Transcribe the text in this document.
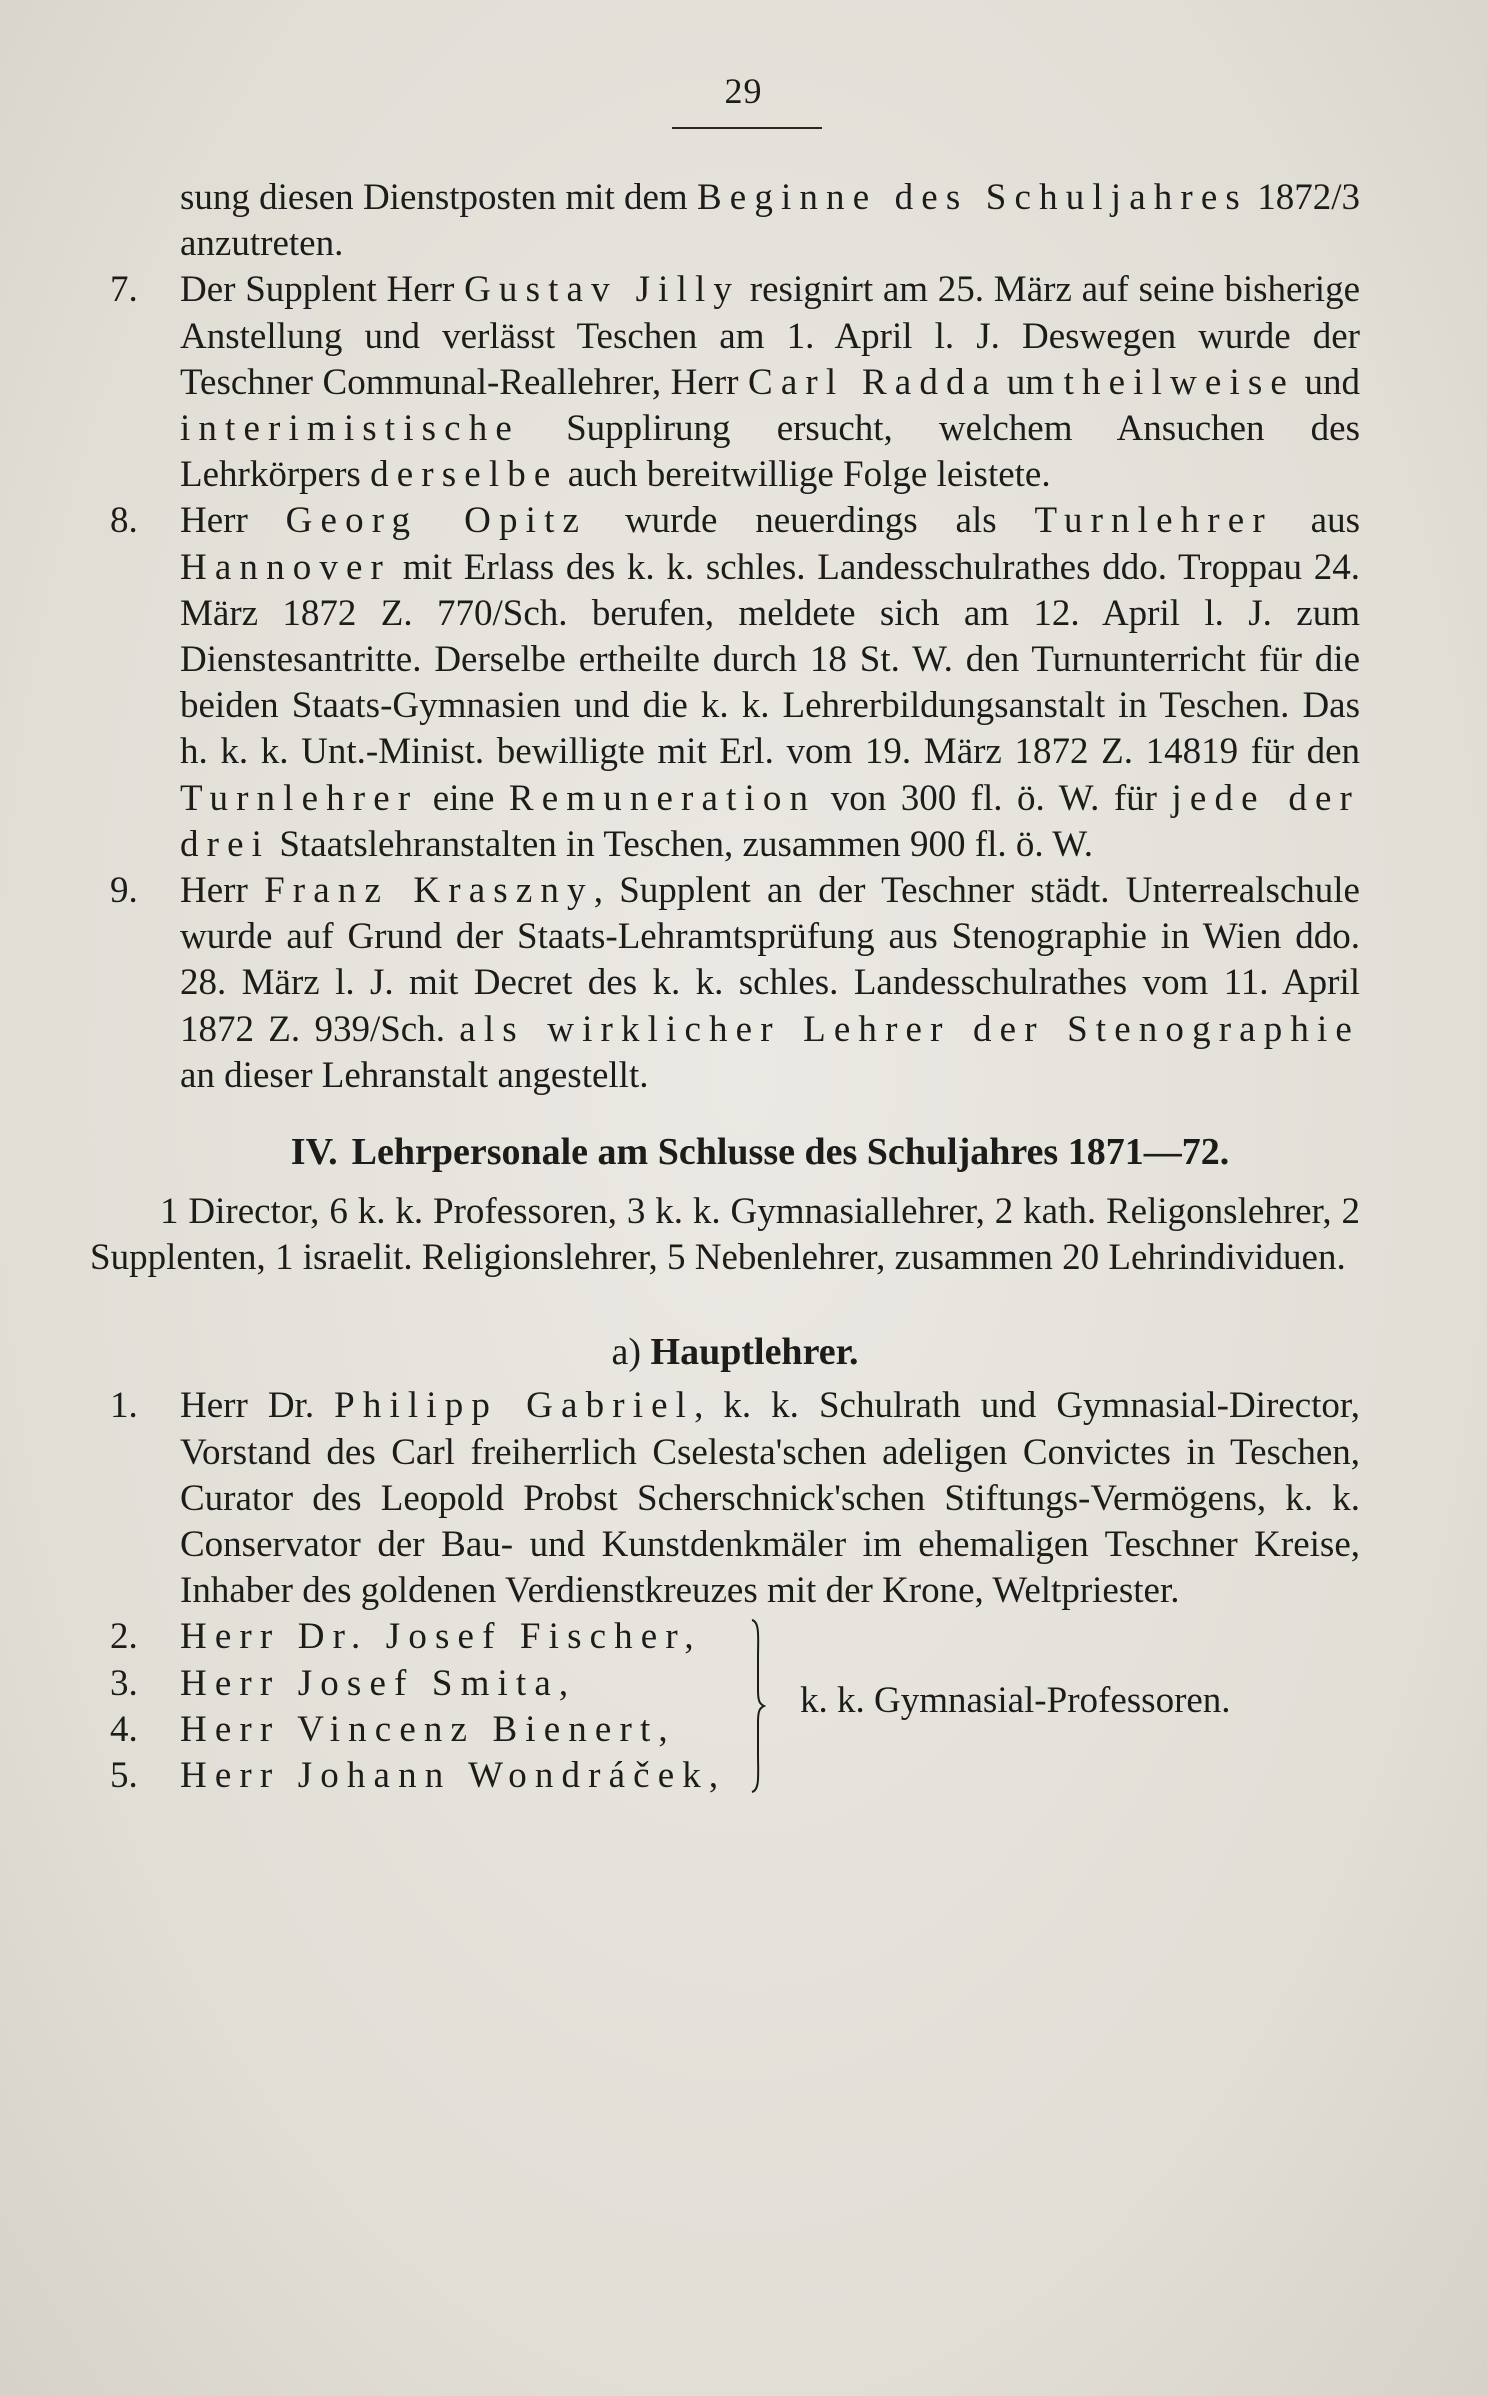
29
sung diesen Dienstposten mit dem Beginne des Schuljahres 1872/3 anzutreten.
7. Der Supplent Herr Gustav Jilly resignirt am 25. März auf seine bisherige Anstellung und verlässt Teschen am 1. April l. J. Deswegen wurde der Teschner Communal-Reallehrer, Herr Carl Radda um theilweise und interimistische Supplirung ersucht, welchem Ansuchen des Lehrkörpers derselbe auch bereitwillige Folge leistete.
8. Herr Georg Opitz wurde neuerdings als Turnlehrer aus Hannover mit Erlass des k. k. schles. Landesschulrathes ddo. Troppau 24. März 1872 Z. 770/Sch. berufen, meldete sich am 12. April l. J. zum Dienstesantritte. Derselbe ertheilte durch 18 St. W. den Turnunterricht für die beiden Staats-Gymnasien und die k. k. Lehrerbildungsanstalt in Teschen. Das h. k. k. Unt.-Minist. bewilligte mit Erl. vom 19. März 1872 Z. 14819 für den Turnlehrer eine Remuneration von 300 fl. ö. W. für jede der drei Staatslehranstalten in Teschen, zusammen 900 fl. ö. W.
9. Herr Franz Kraszny, Supplent an der Teschner städt. Unterrealschule wurde auf Grund der Staats-Lehramtsprüfung aus Stenographie in Wien ddo. 28. März l. J. mit Decret des k. k. schles. Landesschulrathes vom 11. April 1872 Z. 939/Sch. als wirklicher Lehrer der Stenographie an dieser Lehranstalt angestellt.
IV. Lehrpersonale am Schlusse des Schuljahres 1871—72.
1 Director, 6 k. k. Professoren, 3 k. k. Gymnasiallehrer, 2 kath. Religonslehrer, 2 Supplenten, 1 israelit. Religionslehrer, 5 Nebenlehrer, zusammen 20 Lehrindividuen.
a) Hauptlehrer.
1. Herr Dr. Philipp Gabriel, k. k. Schulrath und Gymnasial-Director, Vorstand des Carl freiherrlich Cselesta'schen adeligen Convictes in Teschen, Curator des Leopold Probst Scherschnick'schen Stiftungs-Vermögens, k. k. Conservator der Bau- und Kunstdenkmäler im ehemaligen Teschner Kreise, Inhaber des goldenen Verdienstkreuzes mit der Krone, Weltpriester.
2. Herr Dr. Josef Fischer,
3. Herr Josef Smita,
4. Herr Vincenz Bienert,
5. Herr Johann Wondráček,
k. k. Gymnasial-Professoren.
